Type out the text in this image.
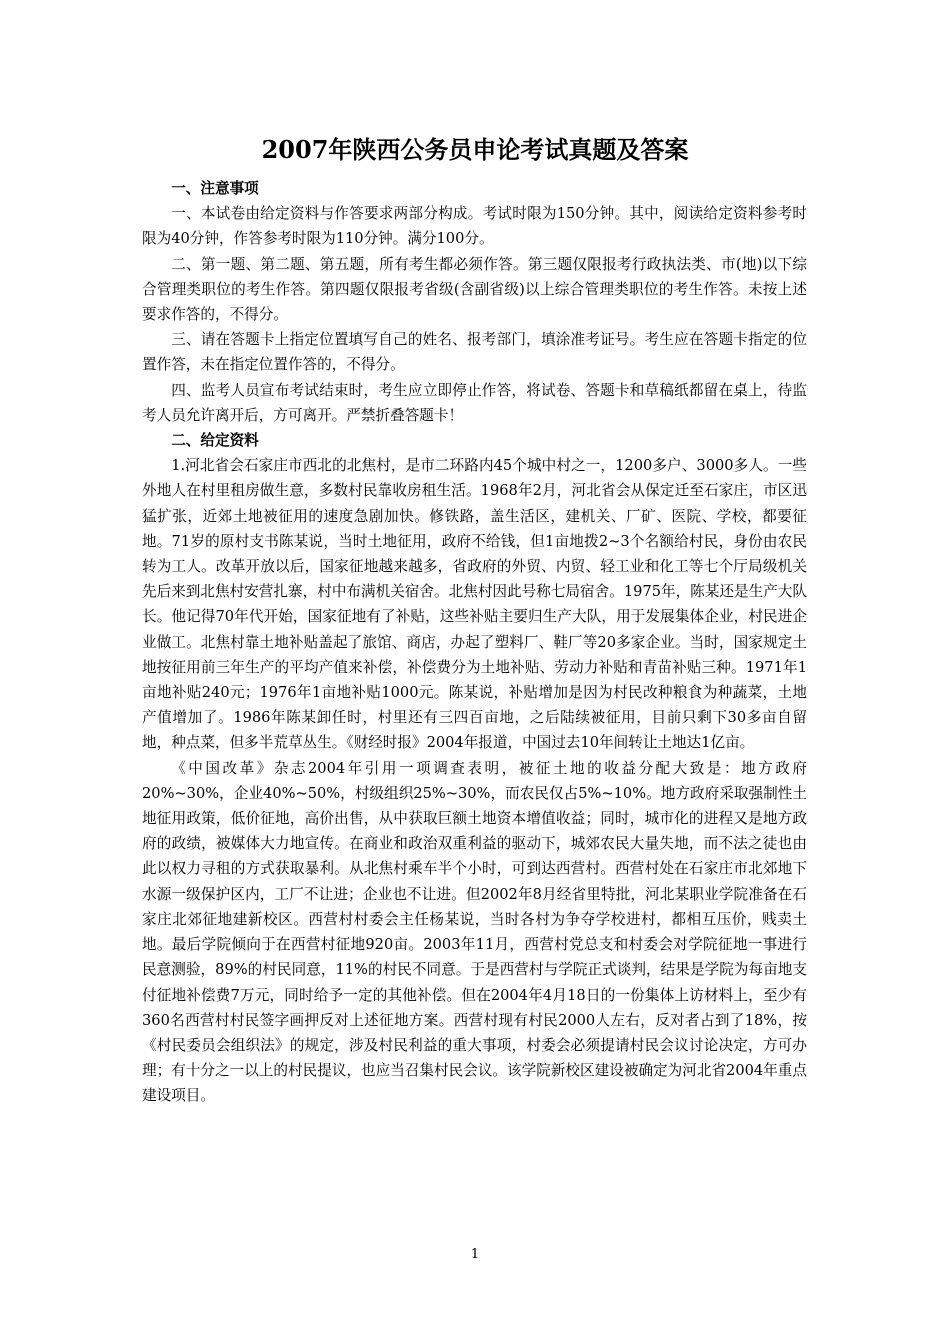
2007年陕西公务员申论考试真题及答案
一、注意事项

一、本试卷由给定资料与作答要求两部分构成。考试时限为150分钟。其中，阅读给定资料参考时限为40分钟，作答参考时限为110分钟。满分100分。

二、第一题、第二题、第五题，所有考生都必须作答。第三题仅限报考行政执法类、市(地)以下综合管理类职位的考生作答。第四题仅限报考省级(含副省级)以上综合管理类职位的考生作答。未按上述要求作答的，不得分。

三、请在答题卡上指定位置填写自己的姓名、报考部门，填涂准考证号。考生应在答题卡指定的位置作答，未在指定位置作答的，不得分。

四、监考人员宣布考试结束时，考生应立即停止作答，将试卷、答题卡和草稿纸都留在桌上，待监考人员允许离开后，方可离开。严禁折叠答题卡！

二、给定资料

1.河北省会石家庄市西北的北焦村，是市二环路内45个城中村之一，1200多户、3000多人。一些外地人在村里租房做生意，多数村民靠收房租生活。1968年2月，河北省会从保定迁至石家庄，市区迅猛扩张，近郊土地被征用的速度急剧加快。修铁路，盖生活区，建机关、厂矿、医院、学校，都要征地。71岁的原村支书陈某说，当时土地征用，政府不给钱，但1亩地拨2~3个名额给村民，身份由农民转为工人。改革开放以后，国家征地越来越多，省政府的外贸、内贸、轻工业和化工等七个厅局级机关先后来到北焦村安营扎寨，村中布满机关宿舍。北焦村因此号称七局宿舍。1975年，陈某还是生产大队长。他记得70年代开始，国家征地有了补贴，这些补贴主要归生产大队，用于发展集体企业，村民进企业做工。北焦村靠土地补贴盖起了旅馆、商店，办起了塑料厂、鞋厂等20多家企业。当时，国家规定土地按征用前三年生产的平均产值来补偿，补偿费分为土地补贴、劳动力补贴和青苗补贴三种。1971年1亩地补贴240元；1976年1亩地补贴1000元。陈某说，补贴增加是因为村民改种粮食为种蔬菜，土地产值增加了。1986年陈某卸任时，村里还有三四百亩地，之后陆续被征用，目前只剩下30多亩自留地，种点菜，但多半荒草丛生。《财经时报》2004年报道，中国过去10年间转让土地达1亿亩。

《中国改革》杂志2004年引用一项调查表明，被征土地的收益分配大致是：地方政府20%~30%，企业40%~50%，村级组织25%~30%，而农民仅占5%~10%。地方政府采取强制性土地征用政策，低价征地，高价出售，从中获取巨额土地资本增值收益；同时，城市化的进程又是地方政府的政绩，被媒体大力地宣传。在商业和政治双重利益的驱动下，城郊农民大量失地，而不法之徒也由此以权力寻租的方式获取暴利。从北焦村乘车半个小时，可到达西营村。西营村处在石家庄市北郊地下水源一级保护区内，工厂不让进；企业也不让进。但2002年8月经省里特批，河北某职业学院准备在石家庄北郊征地建新校区。西营村村委会主任杨某说，当时各村为争夺学校进村，都相互压价，贱卖土地。最后学院倾向于在西营村征地920亩。2003年11月，西营村党总支和村委会对学院征地一事进行民意测验，89%的村民同意，11%的村民不同意。于是西营村与学院正式谈判，结果是学院为每亩地支付征地补偿费7万元，同时给予一定的其他补偿。但在2004年4月18日的一份集体上访材料上，至少有360名西营村村民签字画押反对上述征地方案。西营村现有村民2000人左右，反对者占到了18%，按《村民委员会组织法》的规定，涉及村民利益的重大事项，村委会必须提请村民会议讨论决定，方可办理；有十分之一以上的村民提议，也应当召集村民会议。该学院新校区建设被确定为河北省2004年重点建设项目。

1
